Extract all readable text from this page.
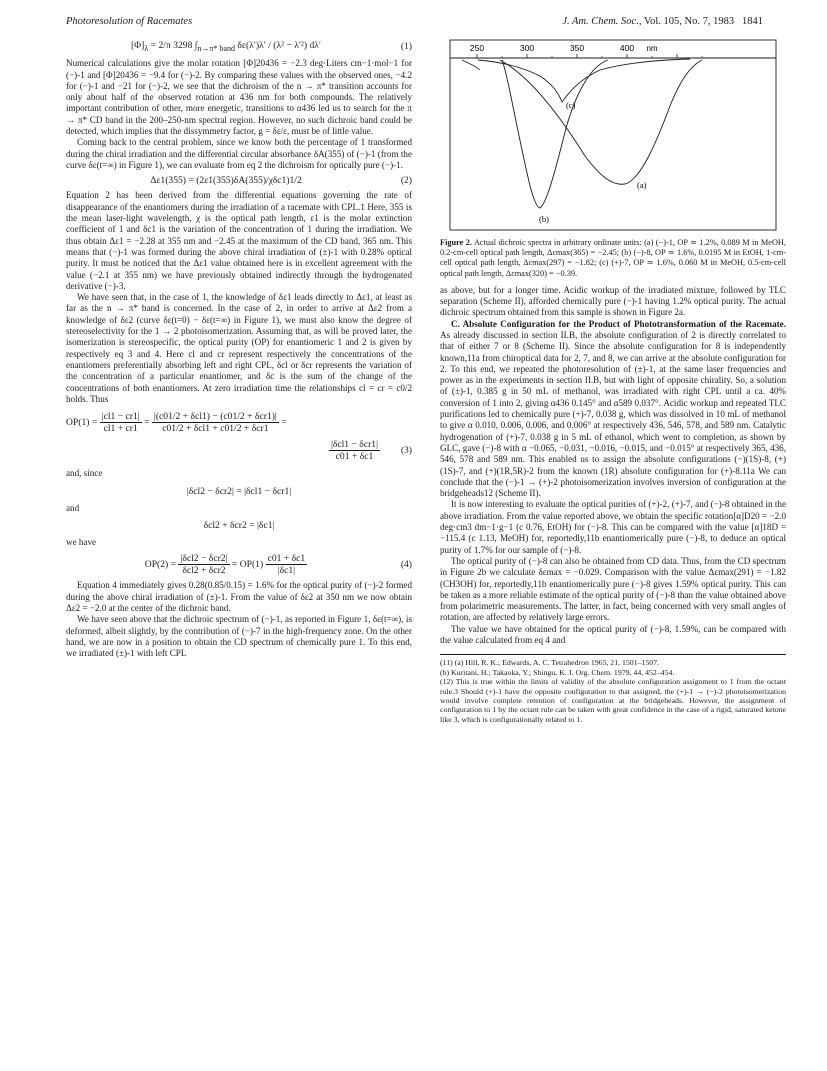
Photoresolution of Racemates	J. Am. Chem. Soc., Vol. 105, No. 7, 1983 1841
$[\Phi]_\lambda = 2/\pi$ 3298 $\int_{n\to\pi* band}$ δε(λ′)λ′ / (λ² − λ′²) dλ′	(1)

Numerical calculations give the molar rotation [Φ]20436 = −2.3 deg·Liters cm−1·mol−1 for (−)-1 and [Φ]20436 = −9.4 for (−)-2. By comparing these values with the observed ones, −4.2 for (−)-1 and −21 for (−)-2, we see that the dichroism of the n → π* transition accounts for only about half of the observed rotation at 436 nm for both compounds. The relatively important contribution of other, more energetic, transitions to α436 led us to search for the π → π* CD band in the 200–250-nm spectral region. However, no such dichroic band could be detected, which implies that the dissymmetry factor, g = δε/ε, must be of little value.

Coming back to the central problem, since we know both the percentage of 1 transformed during the chiral irradiation and the differential circular absorbance δA(355) of (−)-1 (from the curve δε(t=∞) in Figure 1), we can evaluate from eq 2 the dichroism for optically pure (−)-1.

Δε1(355) = (2ε1(355)δA(355)/χδc1)1/2	(2)

Equation 2 has been derived from the differential equations governing the rate of disappearance of the enantiomers during the irradiation of a racemate with CPL.1 Here, 355 is the mean laser-light wavelength, χ is the optical path length, ε1 is the molar extinction coefficient of 1 and δc1 is the variation of the concentration of 1 during the irradiation. We thus obtain Δε1 = −2.28 at 355 nm and −2.45 at the maximum of the CD band, 365 nm. This means that (−)-1 was formed during the above chiral irradiation of (±)-1 with 0.28% optical purity. It must be noticed that the Δε1 value obtained here is in excellent agreement with the value (−2.1 at 355 nm) we have previously obtained indirectly through the hydrogenated derivative (−)-3.

We have seen that, in the case of 1, the knowledge of δε1 leads directly to Δε1, at least as far as the n → π* band is concerned. In the case of 2, in order to arrive at Δε2 from a knowledge of δε2 (curve δε(t=0) − δε(t=∞) in Figure 1), we must also know the degree of stereoselectivity for the 1 → 2 photoisomerization. Assuming that, as will be proved later, the isomerization is stereospecific, the optical purity (OP) for enantiomeric 1 and 2 is given by respectively eq 3 and 4. Here cl and cr represent respectively the concentrations of the enantiomers preferentially absorbing left and right CPL, δcl or δcr represents the variation of the concentration of a particular enantiomer, and δc is the sum of the change of the concentrations of both enantiomers. At zero irradiation time the relationships cl = cr = c0/2 holds. Thus

$OP(1) = \frac{|cl1 - cr1|}{cl1 + cr1} = \frac{\text{|(c01/2 + δcl1) − (c01/2 + δcr1)|}}{\text{c01/2 + δcl1 + c01/2 + δcr1}}$ =
$\frac{\text{|δcl1 − δcr1|}}{c01 + \delta c1}$	(3)
and, since
|δcl2 − δcr2| = |δcl1 − δcr1|
and
δcl2 + δcr2 = |δc1|
we have
$OP(2) = \frac{\text{|δcl2 − δcr2|}}{\text{δcl2 + δcr2}} = OP(1) \frac{c01 + \delta c1}{|\delta c1|}$	(4)

Equation 4 immediately gives 0.28(0.85/0.15) = 1.6% for the optical purity of (−)-2 formed during the above chiral irradiation of (±)-1. From the value of δε2 at 350 nm we now obtain Δε2 = −2.0 at the center of the dichroic band.

We have seen above that the dichroic spectrum of (−)-1, as reported in Figure 1, δε(t=∞), is deformed, albeit slightly, by the contribution of (−)-7 in the high-frequency zone. On the other hand, we are now in a position to obtain the CD spectrum of chemically pure 1. To this end, we irradiated (±)-1 with left CPL

250	300	350	400 nm
(c)
(a)
(b)
Figure 2. Actual dichroic spectra in arbitrary ordinate units: (a) (−)-1, OP ≃ 1.2%, 0.089 M in MeOH, 0.2-cm-cell optical path length, Δεmax(365) = −2.45; (b) (−)-8, OP ≃ 1.6%, 0.0195 M in EtOH, 1-cm-cell optical path length, Δεmax(297) = −1.82; (c) (+)-7, OP ≃ 1.6%, 0.060 M in MeOH, 0.5-cm-cell optical path length, Δεmax(320) = −0.39.

as above, but for a longer time. Acidic workup of the irradiated mixture, followed by TLC separation (Scheme II), afforded chemically pure (−)-1 having 1.2% optical purity. The actual dichroic spectrum obtained from this sample is shown in Figure 2a.

C. Absolute Configuration for the Product of Phototransformation of the Racemate. As already discussed in section II.B, the absolute configuration of 2 is directly correlated to that of either 7 or 8 (Scheme II). Since the absolute configuration for 8 is independently known,11a from chiroptical data for 2, 7, and 8, we can arrive at the absolute configuration for 2. To this end, we repeated the photoresolution of (±)-1, at the same laser frequencies and power as in the experiments in section II.B, but with light of opposite chirality. So, a solution of (±)-1, 0.385 g in 50 mL of methanol, was irradiated with right CPL until a ca. 40% conversion of 1 into 2, giving α436 0.145° and α589 0.037°. Acidic workup and repeated TLC purifications led to chemically pure (+)-7, 0.038 g, which was dissolved in 10 mL of methanol to give α 0.010, 0.006, 0.006, and 0.006° at respectively 436, 546, 578, and 589 nm. Catalytic hydrogenation of (+)-7, 0.038 g in 5 mL of ethanol, which went to completion, as shown by GLC, gave (−)-8 with α −0.065, −0.031, −0.016, −0.015, and −0.015° at respectively 365, 436, 546, 578 and 589 nm. This enabled us to assign the absolute configurations (−)(1S)-8, (+)(1S)-7, and (+)(1R,5R)-2 from the known (1R) absolute configuration for (+)-8.11a We can conclude that the (−)-1 → (+)-2 photoisomerization involves inversion of configuration at the bridgeheads12 (Scheme II).

It is now interesting to evaluate the optical purities of (+)-2, (+)-7, and (−)-8 obtained in the above irradiation. From the value reported above, we obtain the specific rotation[α]D20 = −2.0 deg·cm3 dm−1·g−1 (c 0.76, EtOH) for (−)-8. This can be compared with the value [α]18D = −115.4 (c 1.13, MeOH) for, reportedly,11b enantiomerically pure (−)-8, to deduce an optical purity of 1.7% for our sample of (−)-8.

The optical purity of (−)-8 can also be obtained from CD data. Thus, from the CD spectrum in Figure 2b we calculate δεmax = −0.029. Comparison with the value Δεmax(291) = −1.82 (CH3OH) for, reportedly,11b enantiomerically pure (−)-8 gives 1.59% optical purity. This can be taken as a more reliable estimate of the optical purity of (−)-8 than the value obtained above from polarimetric measurements. The latter, in fact, being concerned with very small angles of rotation, are affected by relatively large errors.

The value we have obtained for the optical purity of (−)-8, 1.59%, can be compared with the value calculated from eq 4 and

(11) (a) Hill, R. K.; Edwards, A. C. Tetrahedron 1965, 21, 1501–1507.
(b) Kuritani, H.; Takaoka, Y.; Shingu, K. J. Org. Chem. 1979, 44, 452–454.
(12) This is true within the limits of validity of the absolute configuration assignment to 1 from the octant rule.3 Should (+)-1 have the opposite configuration to that assigned, the (+)-1 → (−)-2 photoisomerization would involve complete retention of configuration at the bridgeheads. However, the assignment of configuration to 1 by the octant rule can be taken with great confidence in the case of a rigid, saturated ketone like 3, which is configurationally related to 1.
